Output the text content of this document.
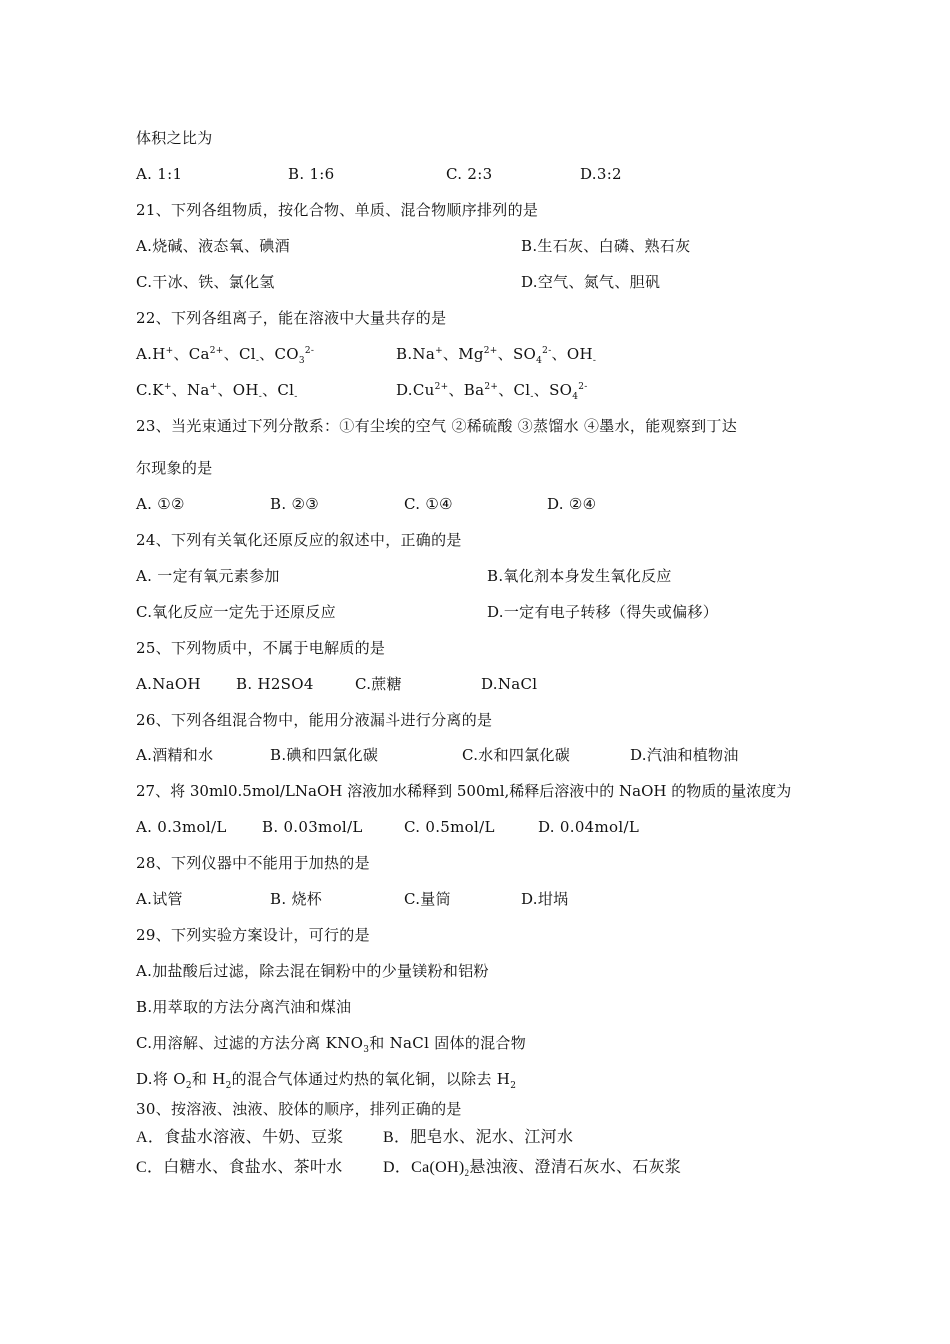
体积之比为
A. 1:1	B. 1:6	C. 2:3	D.3:2
21、下列各组物质，按化合物、单质、混合物顺序排列的是
A.烧碱、液态氧、碘酒	B.生石灰、白磷、熟石灰
C.干冰、铁、氯化氢	D.空气、氮气、胆矾
22、下列各组离子，能在溶液中大量共存的是
A.H+、$Ca^{2+}$、$Cl_-$、$CO_3^{2-}$	B.Na+、$Mg^{2+}$、$SO_4^{2-}$、$OH_-$
C.K+、Na+、$OH_-$、$Cl_-$	$D.Cu^{2+}$、$Ba^{2+}$、$Cl_-$、$SO_4^{2-}$
23、当光束通过下列分散系：①有尘埃的空气 ②稀硫酸 ③蒸馏水 ④墨水，能观察到丁达
尔现象的是
A. ①②	B. ②③	C. ①④	D. ②④
24、下列有关氧化还原反应的叙述中，正确的是
A. 一定有氧元素参加	B.氧化剂本身发生氧化反应
C.氧化反应一定先于还原反应	D.一定有电子转移（得失或偏移）
25、下列物质中，不属于电解质的是
A.NaOH B. H2SO4	C.蔗糖	D.NaCl
26、下列各组混合物中，能用分液漏斗进行分离的是
A.酒精和水	B.碘和四氯化碳	C.水和四氯化碳	D.汽油和植物油
27、将 30ml0.5mol/LNaOH 溶液加水稀释到 500ml,稀释后溶液中的 NaOH 的物质的量浓度为
A. 0.3mol/L B. 0.03mol/L	C. 0.5mol/L	D. 0.04mol/L
28、下列仪器中不能用于加热的是
A.试管	B. 烧杯	C.量筒	D.坩埚
29、下列实验方案设计，可行的是
A.加盐酸后过滤，除去混在铜粉中的少量镁粉和铝粉
B.用萃取的方法分离汽油和煤油
C.用溶解、过滤的方法分离 $KNO_3$和 NaCl 固体的混合物
D.将 $O_2$和 $H_2$的混合气体通过灼热的氧化铜，以除去 $H_2$
30、按溶液、浊液、胶体的顺序，排列正确的是
A．食盐水溶液、牛奶、豆浆 B．肥皂水、泥水、江河水
C．白糖水、食盐水、茶叶水	D．$Ca(OH)_2$悬浊液、澄清石灰水、石灰浆
